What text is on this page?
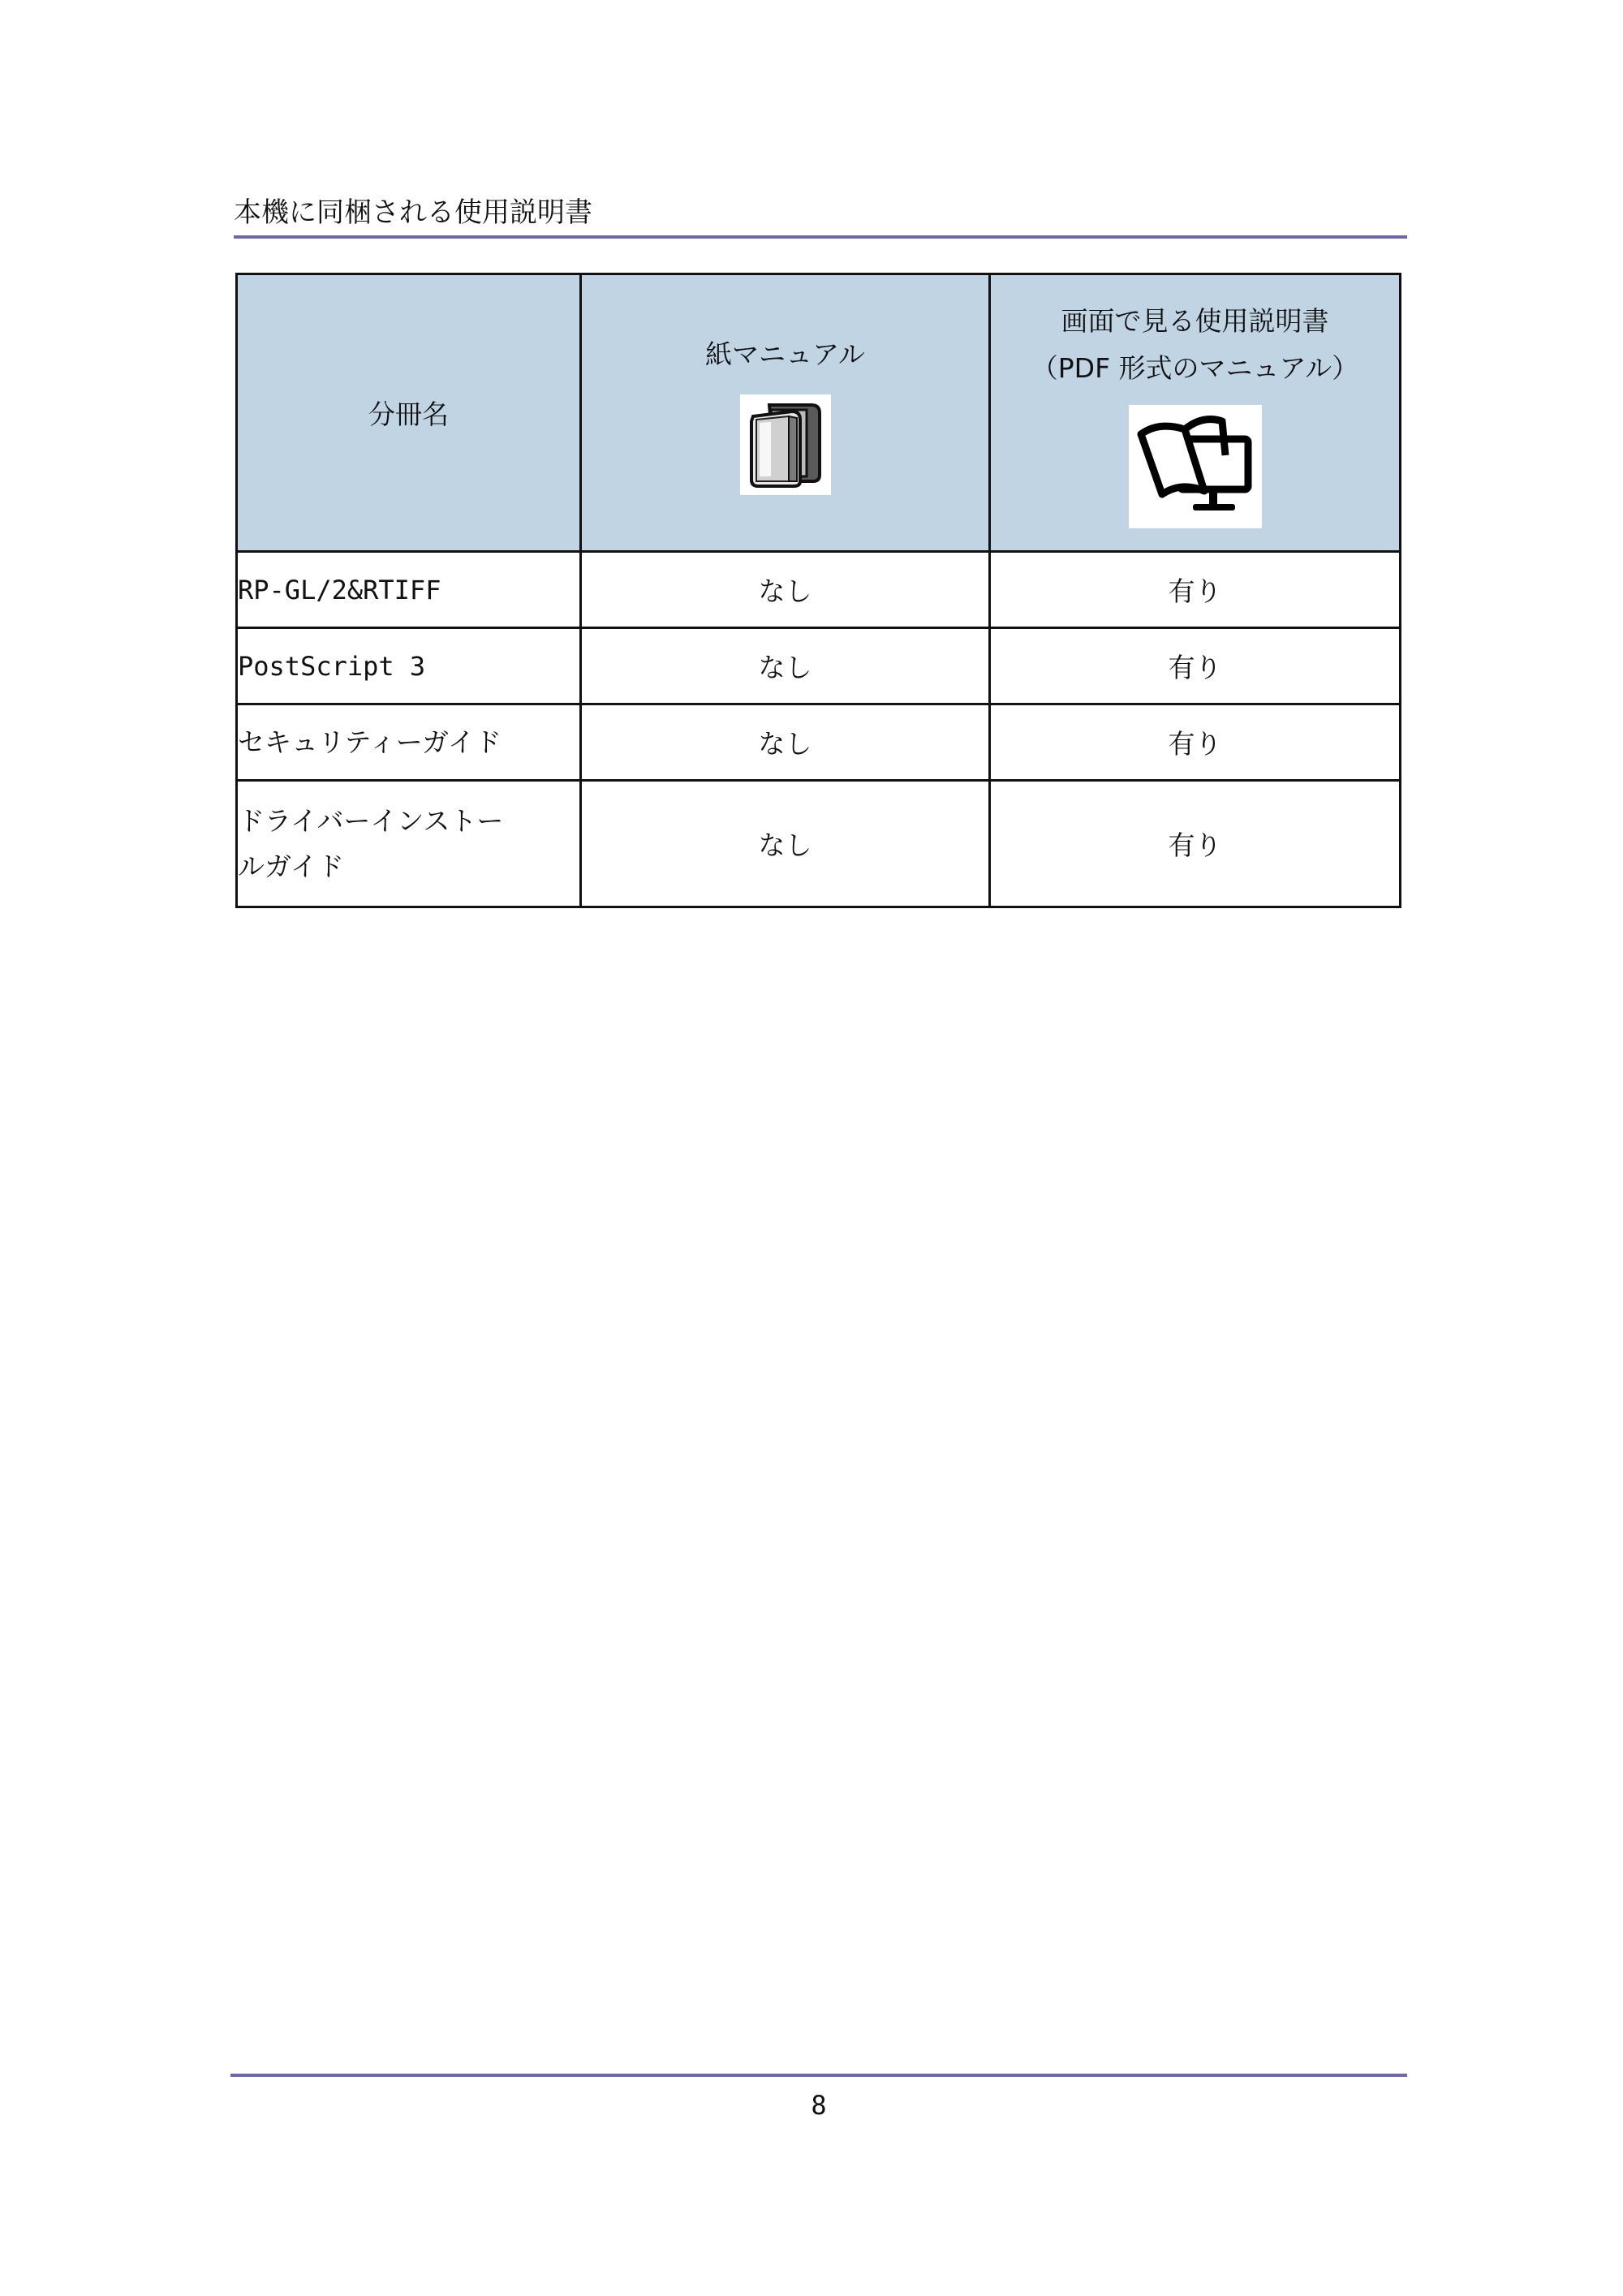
本機に同梱される使用説明書
分冊名	紙マニュアル	画面で見る使用説明書
（PDF 形式のマニュアル）

RP-GL/2&RTIFF	なし	有り
PostScript 3	なし	有り
セキュリティーガイド	なし	有り

ドライバーインストー
ルガイド	なし	有り
8
